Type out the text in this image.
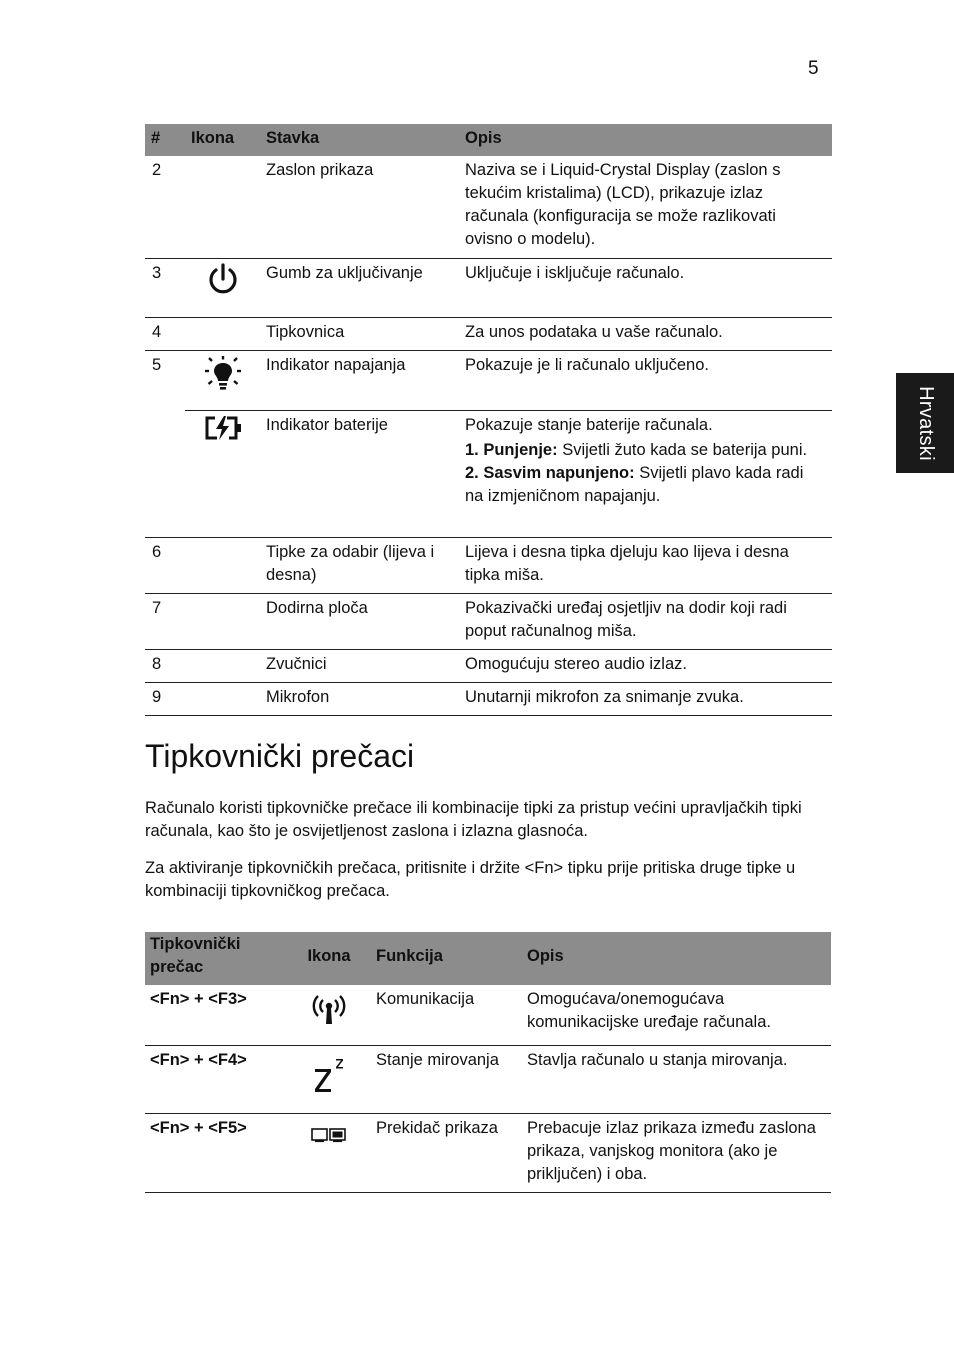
5
Hrvatski
#	Ikona	Stavka	Opis
2		Zaslon prikaza	Naziva se i Liquid-Crystal Display (zaslon s tekućim kristalima) (LCD), prikazuje izlaz računala (konfiguracija se može razlikovati ovisno o modelu).
3		Gumb za uključivanje	Uključuje i isključuje računalo.
4		Tipkovnica	Za unos podataka u vaše računalo.
5		Indikator napajanja	Pokazuje je li računalo uključeno.
		Indikator baterije	Pokazuje stanje baterije računala.
1. Punjenje: Svijetli žuto kada se baterija puni.
2. Sasvim napunjeno: Svijetli plavo kada radi na izmjeničnom napajanju.

6		Tipke za odabir (lijeva i desna)	Lijeva i desna tipka djeluju kao lijeva i desna tipka miša.
7		Dodirna ploča	Pokazivački uređaj osjetljiv na dodir koji radi poput računalnog miša.
8		Zvučnici	Omogućuju stereo audio izlaz.
9		Mikrofon	Unutarnji mikrofon za snimanje zvuka.
Tipkovnički prečaci

Računalo koristi tipkovničke prečace ili kombinacije tipki za pristup većini upravljačkih tipki računala, kao što je osvijetljenost zaslona i izlazna glasnoća.

Za aktiviranje tipkovničkih prečaca, pritisnite i držite <Fn> tipku prije pritiska druge tipke u kombinaciji tipkovničkog prečaca.

Tipkovnički prečac	Ikona	Funkcija	Opis
<Fn> + <F3>		Komunikacija	Omogućava/onemogućava komunikacijske uređaje računala.
<Fn> + <F4>		Stanje mirovanja	Stavlja računalo u stanja mirovanja.
<Fn> + <F5>		Prekidač prikaza	Prebacuje izlaz prikaza između zaslona prikaza, vanjskog monitora (ako je priključen) i oba.
